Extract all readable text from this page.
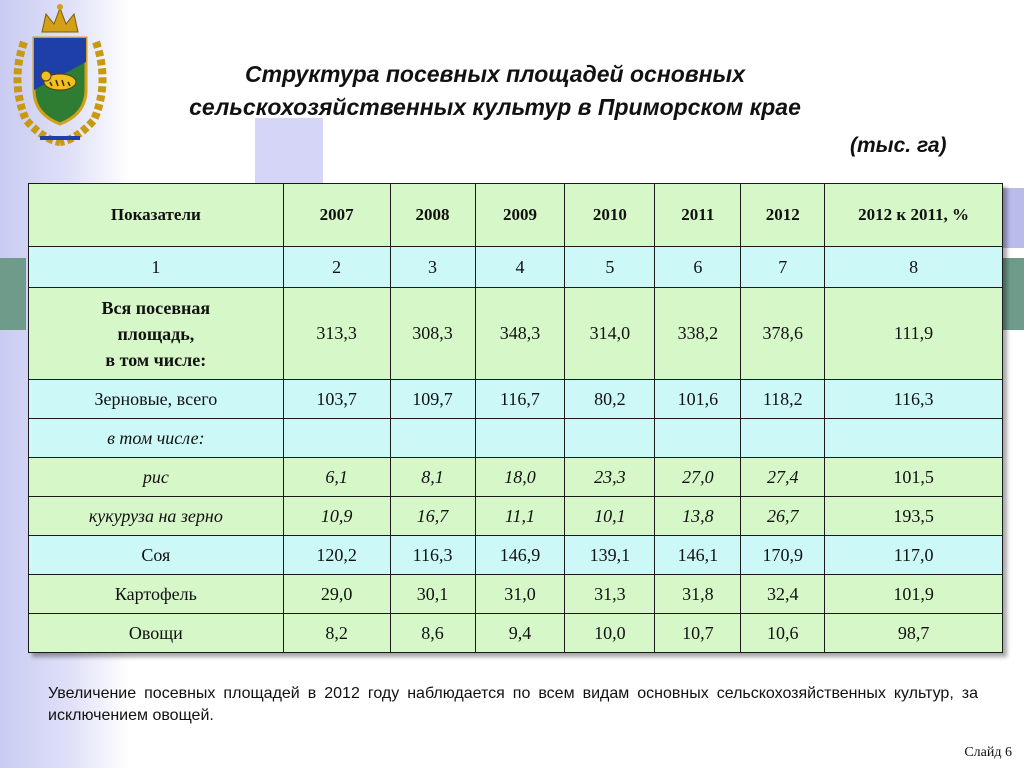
Структура посевных площадей основных
сельскохозяйственных культур в Приморском крае
(тыс. га)
Показатели	2007	2008	2009	2010	2011	2012	2012 к 2011, %
1	2	3	4	5	6	7	8

Вся посевная
площадь,
в том числе:	313,3	308,3	348,3	314,0	338,2	378,6	111,9
Зерновые, всего	103,7	109,7	116,7	80,2	101,6	118,2	116,3
в том числе:							
рис	6,1	8,1	18,0	23,3	27,0	27,4	101,5
кукуруза на зерно	10,9	16,7	11,1	10,1	13,8	26,7	193,5
Соя	120,2	116,3	146,9	139,1	146,1	170,9	117,0
Картофель	29,0	30,1	31,0	31,3	31,8	32,4	101,9
Овощи	8,2	8,6	9,4	10,0	10,7	10,6	98,7
Увеличение посевных площадей в 2012 году наблюдается по всем видам основных сельскохозяйственных культур, за исключением овощей.
Слайд 6
